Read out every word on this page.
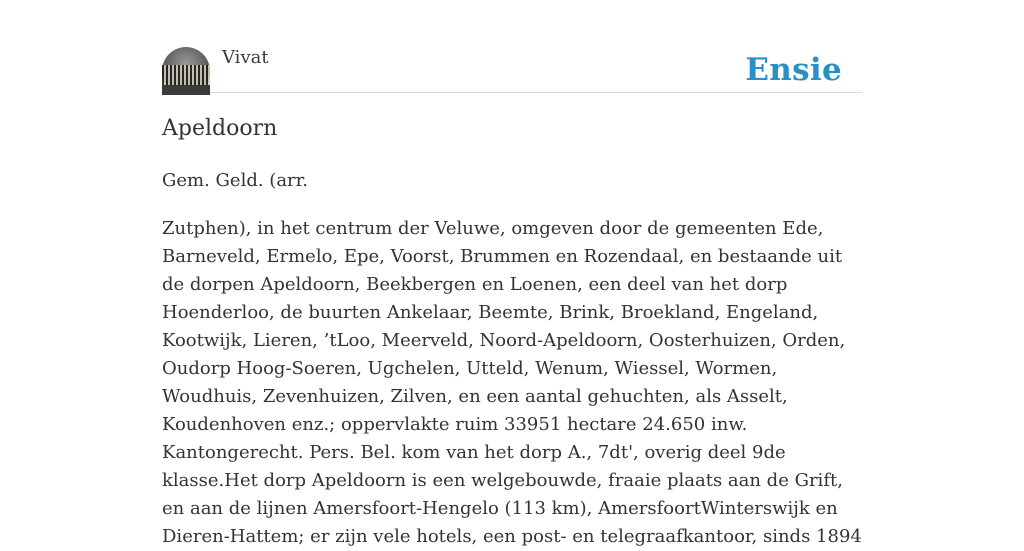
Vivat	Ensie
Apeldoorn

Gem. Geld. (arr.

Zutphen), in het centrum der Veluwe, omgeven door de gemeenten Ede, Barneveld, Ermelo, Epe, Voorst, Brummen en Rozendaal, en bestaande uit de dorpen Apeldoorn, Beekbergen en Loenen, een deel van het dorp Hoenderloo, de buurten Ankelaar, Beemte, Brink, Broekland, Engeland, Kootwijk, Lieren, ’tLoo, Meerveld, Noord-Apeldoorn, Oosterhuizen, Orden, Oudorp Hoog-Soeren, Ugchelen, Utteld, Wenum, Wiessel, Wormen, Woudhuis, Zevenhuizen, Zilven, en een aantal gehuchten, als Asselt, Koudenhoven enz.; oppervlakte ruim 33951 hectare 24.650 inw. Kantongerecht. Pers. Bel. kom van het dorp A., 7dt', overig deel 9de klasse.Het dorp Apeldoorn is een welgebouwde, fraaie plaats aan de Grift, en aan de lijnen Amersfoort-Hengelo (113 km), AmersfoortWinterswijk en Dieren-Hattem; er zijn vele hotels, een post- en telegraafkantoor, sinds 1894
